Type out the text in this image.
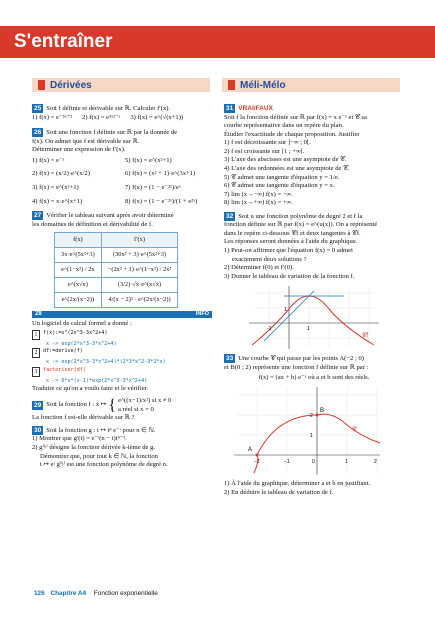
S'entraîner
Dérivées	Méli-Mélo
25 Soit f définie et dérivable sur ℝ. Calculer f′(x).
1) f(x) = e⁻⁵ˣ⁺² 2) f(x) = e³ˣ²⁻ˣ 3) f(x) = e^(√(x+1))
26 Soit une fonction f définie sur ℝ par la donnée de
f(x). On admet que f est dérivable sur ℝ.
Déterminer une expression de f′(x).
1) f(x) = e⁻ˣ	5) f(x) = e^(x²+1)
2) f(x) = (x/2)·e^(x/2)	6) f(x) = (x² + 1)·e^(3x+1)
3) f(x) = e^(x²+1)	7) f(x) = (1 − e⁻²ˣ)/eˣ
4) f(x) = x·e^(x+1)	8) f(x) = (1 − e⁻²ˣ)/(1 + e²ˣ)
27 Vérifier le tableau suivant après avoir déterminé
les domaines de définition et dérivabilité de f.
f(x)	f′(x)
3x·e^(5x²+3)	(30x² + 3)·e^(5x²+3)
e^(1−x²) / 2x	−(2x² + 1)·e^(1−x²) / 2x²
e^(x√x)	(3/2)·√x·e^(x√x)
e^(2x/(x−2))	4/(x − 2)² · e^(2x/(x−2))
28	INFO
Un logiciel de calcul formel a donné :
1	f(x):=x^(2x^3-3x^2+4)
x -> exp(2*x^3-3*x^2+4)
2	df:=derive(f)
x -> exp(2*x^3-3*x^2+4)*(2*3*x^2-3*2*x)
3	factoriser(df)
x -> 6*x*(x-1)*exp(2*x^3-3*x^2+4)
Traduire ce qu'on a voulu faire et le vérifier.
29 Soit la fonction f : x ↦ { e^((x−1)/x²) si x ≠ 0
a réel si x = 0
La fonction f est-elle dérivable sur ℝ ?
30 Soit la fonction g : t ↦ tⁿ e⁻ᵗ pour n ∈ ℕ.
1) Montrer que g′(t) = e⁻ᵗ(n − t)tⁿ⁻¹.
2) g⁽ᵏ⁾ désigne la fonction dérivée k-ième de g.
Démontrer que, pour tout k ∈ ℕ, la fonction
t ↦ eᵗ g⁽ᵏ⁾ est une fonction polynôme de degré n.
31 VRAI/FAUX
Soit f la fonction définie sur ℝ par f(x) = x e⁻ˣ et 𝒞 sa
courbe représentative dans un repère du plan.
Étudier l'exactitude de chaque proposition. Justifier
1) f est décroissante sur ]−∞ ; 0[.
2) f est croissante sur [1 ; +∞[.
3) L'axe des abscisses est une asymptote de 𝒞.
4) L'axe des ordonnées est une asymptote de 𝒞.
5) 𝒞 admet une tangente d'équation y = 1/e.
6) 𝒞 admet une tangente d'équation y = x.
7) lim (x→−∞) f(x) = −∞.
8) lim (x→+∞) f(x) = +∞.
32 Soit u une fonction polynôme de degré 2 et f la
fonction définie sur ℝ par f(x) = e^(u(x)). On a représenté
dans le repère ci-dessous 𝒞f et deux tangentes à 𝒞f.
Les réponses seront données à l'aide du graphique.
1) Peut-on affirmer que l'équation f(x) = 0 admet
exactement deux solutions ?
2) Déterminer f(0) et f′(0).
3) Donner le tableau de variation de la fonction f.
1
1
-1
𝒞f
33 Une courbe 𝒞 qui passe par les points A(−2 ; 0)
et B(0 ; 2) représente une fonction f définie sur ℝ par :
f(x) = (ax + b) e⁻ˣ où a et b sont des réels.
B
A
𝒞
2
1
−2	−1	0	1	2
1) À l'aide du graphique, déterminer a et b en justifiant.
2) En déduire le tableau de variation de f.
126 Chapitre A4 Fonction exponentielle
